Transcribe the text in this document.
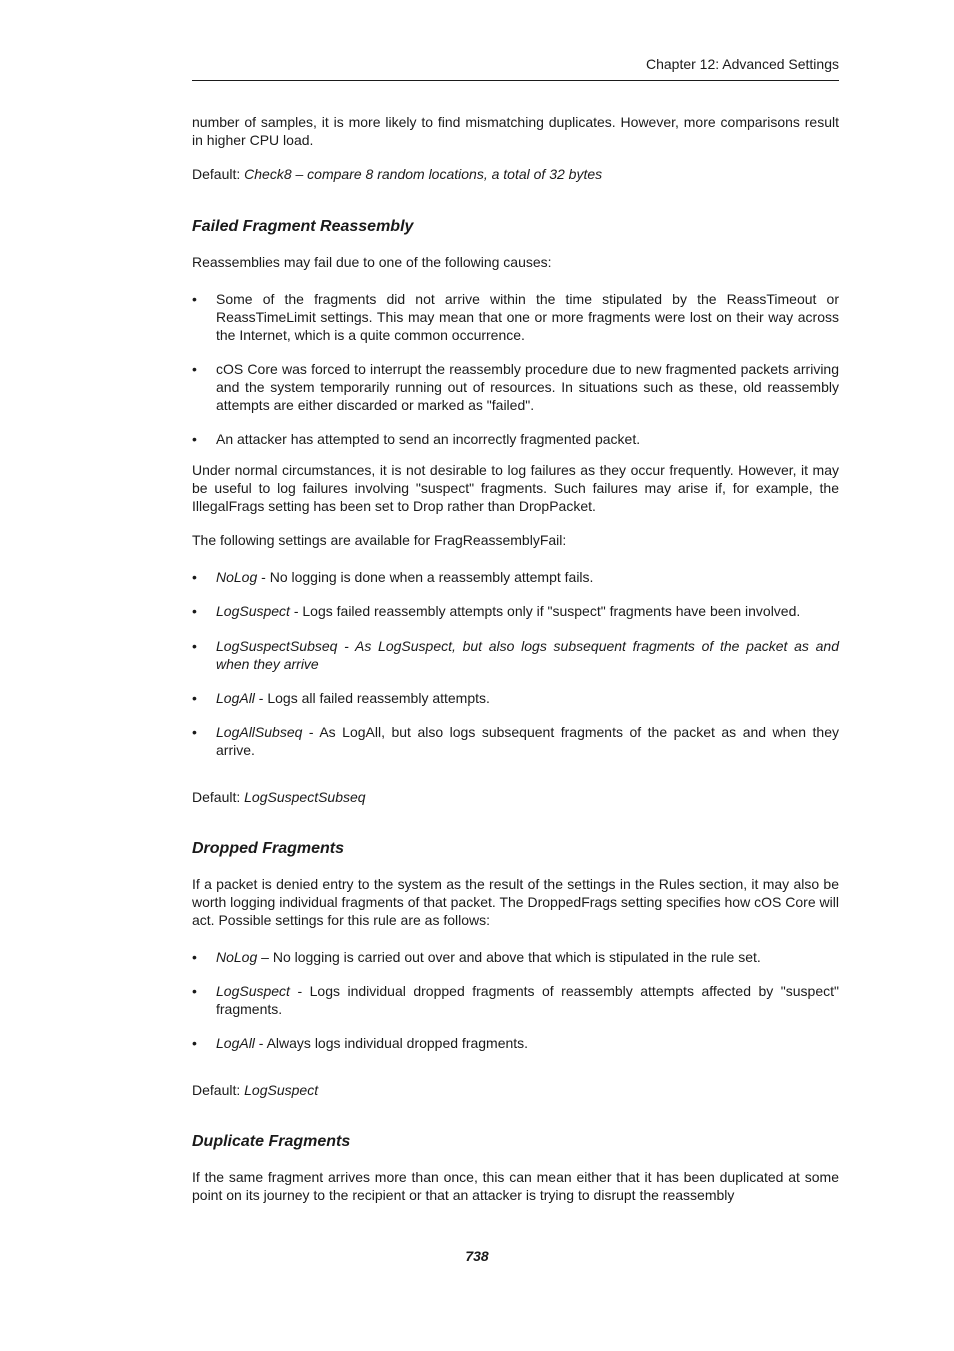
Chapter 12: Advanced Settings

number of samples, it is more likely to find mismatching duplicates. However, more comparisons result in higher CPU load.

Default: Check8 – compare 8 random locations, a total of 32 bytes

Failed Fragment Reassembly

Reassemblies may fail due to one of the following causes:

• Some of the fragments did not arrive within the time stipulated by the ReassTimeout or ReassTimeLimit settings. This may mean that one or more fragments were lost on their way across the Internet, which is a quite common occurrence.
• cOS Core was forced to interrupt the reassembly procedure due to new fragmented packets arriving and the system temporarily running out of resources. In situations such as these, old reassembly attempts are either discarded or marked as "failed".
• An attacker has attempted to send an incorrectly fragmented packet.

Under normal circumstances, it is not desirable to log failures as they occur frequently. However, it may be useful to log failures involving "suspect" fragments. Such failures may arise if, for example, the IllegalFrags setting has been set to Drop rather than DropPacket.

The following settings are available for FragReassemblyFail:

• NoLog - No logging is done when a reassembly attempt fails.
• LogSuspect - Logs failed reassembly attempts only if "suspect" fragments have been involved.
• LogSuspectSubseq - As LogSuspect, but also logs subsequent fragments of the packet as and when they arrive
• LogAll - Logs all failed reassembly attempts.
• LogAllSubseq - As LogAll, but also logs subsequent fragments of the packet as and when they arrive.

Default: LogSuspectSubseq

Dropped Fragments

If a packet is denied entry to the system as the result of the settings in the Rules section, it may also be worth logging individual fragments of that packet. The DroppedFrags setting specifies how cOS Core will act. Possible settings for this rule are as follows:

• NoLog – No logging is carried out over and above that which is stipulated in the rule set.
• LogSuspect - Logs individual dropped fragments of reassembly attempts affected by "suspect" fragments.
• LogAll - Always logs individual dropped fragments.

Default: LogSuspect

Duplicate Fragments

If the same fragment arrives more than once, this can mean either that it has been duplicated at some point on its journey to the recipient or that an attacker is trying to disrupt the reassembly

738
